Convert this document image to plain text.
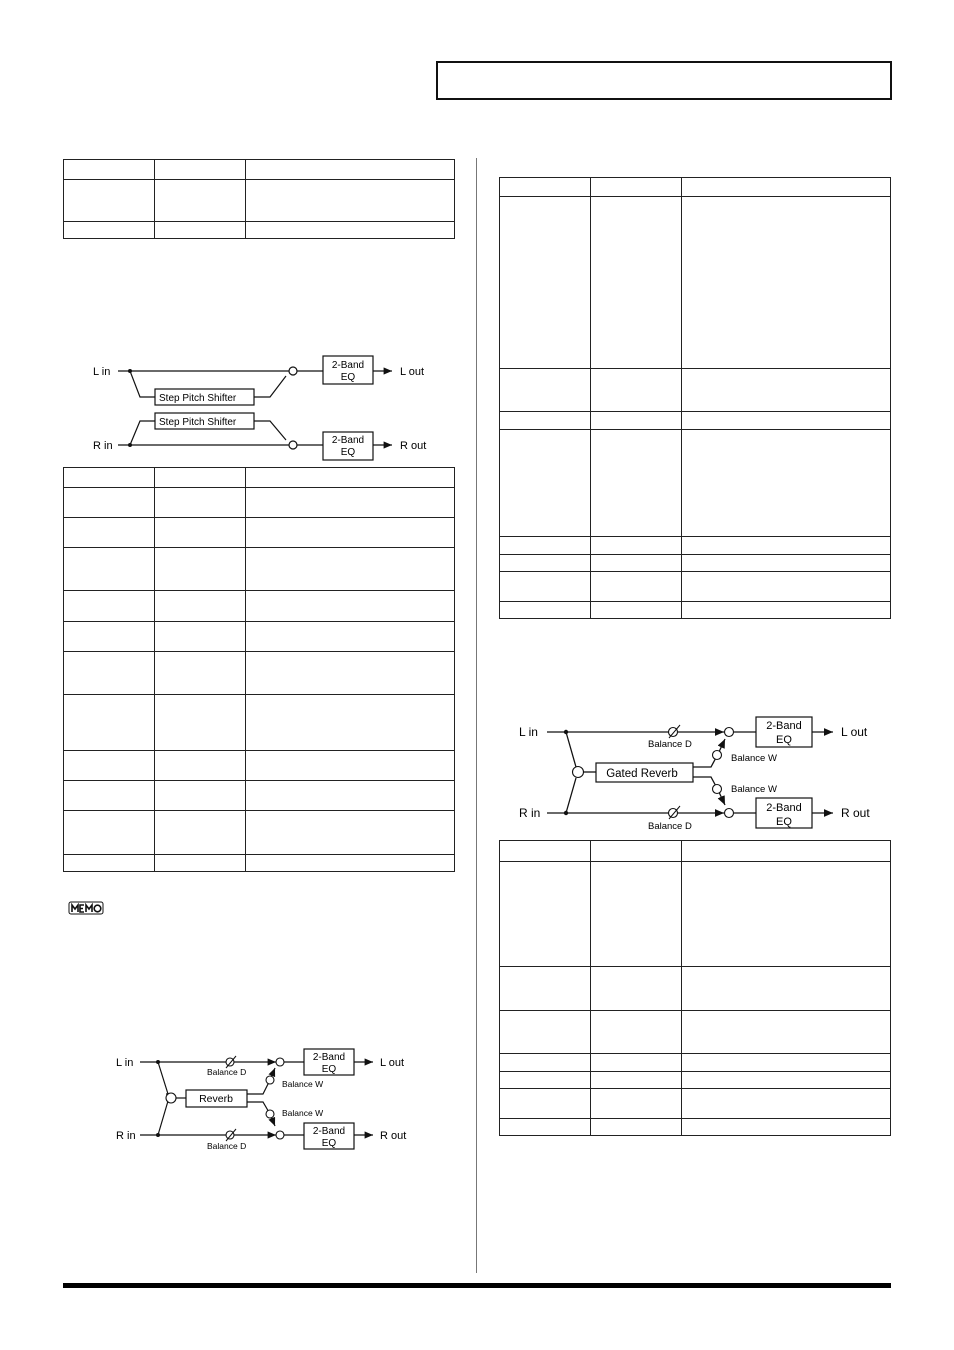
L in
Step Pitch Shifter
2-Band
EQ	L out
R in
Step Pitch Shifter
2-Band
EQ
R out

L in
Balance D
2-Band
EQ
L out
Reverb
Balance W
Balance W
R in
Balance D
2-Band
EQ
R out

L in
Balance D
2-Band
EQ
L out
Gated Reverb
Balance W
Balance W
R in
Balance D
2-Band
EQ
R out
